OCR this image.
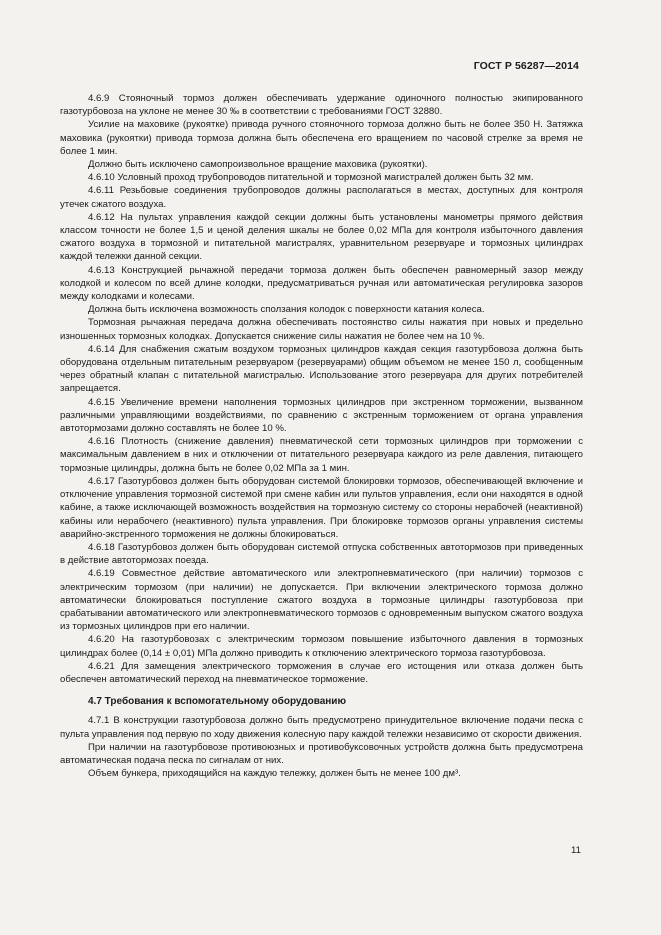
ГОСТ Р 56287—2014

4.6.9 Стояночный тормоз должен обеспечивать удержание одиночного полностью экипированного газотурбовоза на уклоне не менее 30 ‰ в соответствии с требованиями ГОСТ 32880.

Усилие на маховике (рукоятке) привода ручного стояночного тормоза должно быть не более 350 Н. Затяжка маховика (рукоятки) привода тормоза должна быть обеспечена его вращением по часовой стрелке за время не более 1 мин.

Должно быть исключено самопроизвольное вращение маховика (рукоятки).

4.6.10 Условный проход трубопроводов питательной и тормозной магистралей должен быть 32 мм.

4.6.11 Резьбовые соединения трубопроводов должны располагаться в местах, доступных для контроля утечек сжатого воздуха.

4.6.12 На пультах управления каждой секции должны быть установлены манометры прямого действия классом точности не более 1,5 и ценой деления шкалы не более 0,02 МПа для контроля избыточного давления сжатого воздуха в тормозной и питательной магистралях, уравнительном резервуаре и тормозных цилиндрах каждой тележки данной секции.

4.6.13 Конструкцией рычажной передачи тормоза должен быть обеспечен равномерный зазор между колодкой и колесом по всей длине колодки, предусматриваться ручная или автоматическая регулировка зазоров между колодками и колесами.

Должна быть исключена возможность сползания колодок с поверхности катания колеса.

Тормозная рычажная передача должна обеспечивать постоянство силы нажатия при новых и предельно изношенных тормозных колодках. Допускается снижение силы нажатия не более чем на 10 %.

4.6.14 Для снабжения сжатым воздухом тормозных цилиндров каждая секция газотурбовоза должна быть оборудована отдельным питательным резервуаром (резервуарами) общим объемом не менее 150 л, сообщенным через обратный клапан с питательной магистралью. Использование этого резервуара для других потребителей запрещается.

4.6.15 Увеличение времени наполнения тормозных цилиндров при экстренном торможении, вызванном различными управляющими воздействиями, по сравнению с экстренным торможением от органа управления автотормозами должно составлять не более 10 %.

4.6.16 Плотность (снижение давления) пневматической сети тормозных цилиндров при торможении с максимальным давлением в них и отключении от питательного резервуара каждого из реле давления, питающего тормозные цилиндры, должна быть не более 0,02 МПа за 1 мин.

4.6.17 Газотурбовоз должен быть оборудован системой блокировки тормозов, обеспечивающей включение и отключение управления тормозной системой при смене кабин или пультов управления, если они находятся в одной кабине, а также исключающей возможность воздействия на тормозную систему со стороны нерабочей (неактивной) кабины или нерабочего (неактивного) пульта управления. При блокировке тормозов органы управления системы аварийно-экстренного торможения не должны блокироваться.

4.6.18 Газотурбовоз должен быть оборудован системой отпуска собственных автотормозов при приведенных в действие автотормозах поезда.

4.6.19 Совместное действие автоматического или электропневматического (при наличии) тормозов с электрическим тормозом (при наличии) не допускается. При включении электрического тормоза должно автоматически блокироваться поступление сжатого воздуха в тормозные цилиндры газотурбовоза при срабатывании автоматического или электропневматического тормозов с одновременным выпуском сжатого воздуха из тормозных цилиндров при его наличии.

4.6.20 На газотурбовозах с электрическим тормозом повышение избыточного давления в тормозных цилиндрах более (0,14 ± 0,01) МПа должно приводить к отключению электрического тормоза газотурбовоза.

4.6.21 Для замещения электрического торможения в случае его истощения или отказа должен быть обеспечен автоматический переход на пневматическое торможение.

4.7 Требования к вспомогательному оборудованию

4.7.1 В конструкции газотурбовоза должно быть предусмотрено принудительное включение подачи песка с пульта управления под первую по ходу движения колесную пару каждой тележки независимо от скорости движения.

При наличии на газотурбовозе противоюзных и противобуксовочных устройств должна быть предусмотрена автоматическая подача песка по сигналам от них.

Объем бункера, приходящийся на каждую тележку, должен быть не менее 100 дм³.

11
